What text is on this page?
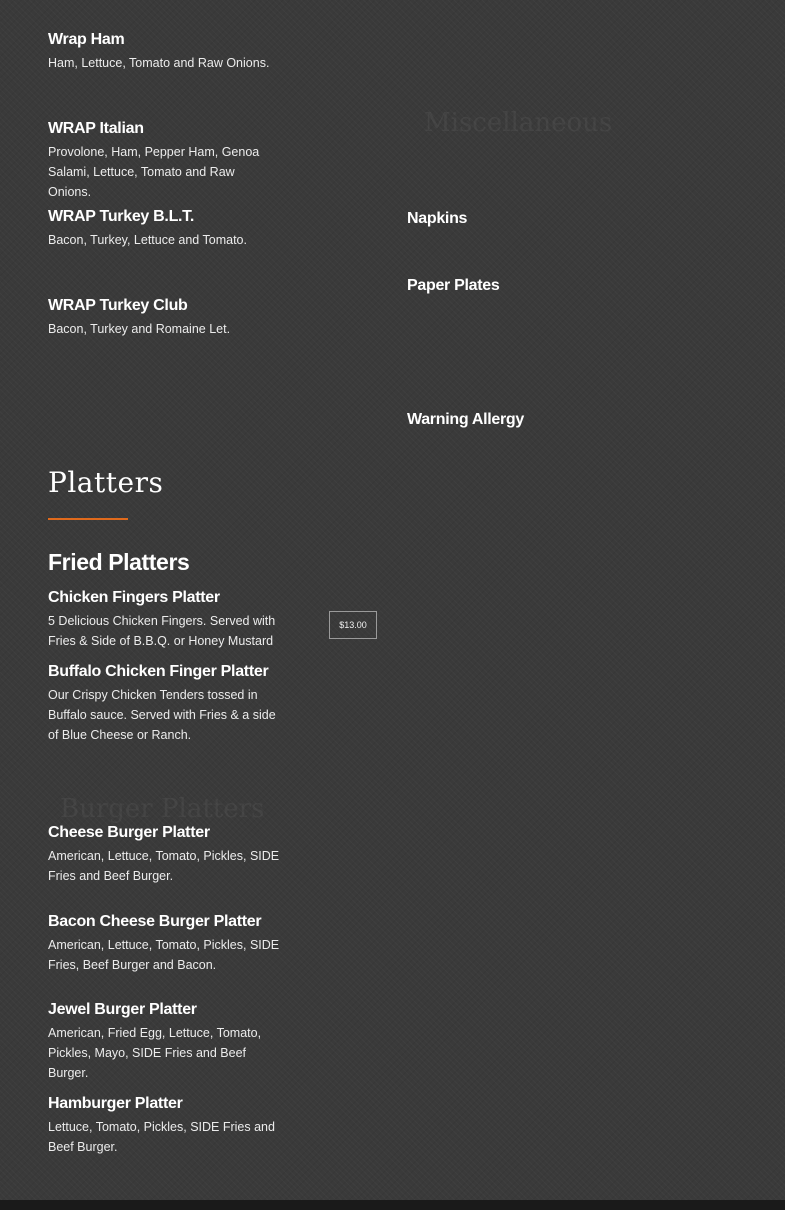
Wrap Ham

Ham, Lettuce, Tomato and Raw Onions.

WRAP Italian

Provolone, Ham, Pepper Ham, Genoa Salami, Lettuce, Tomato and Raw Onions.

WRAP Turkey B.L.T.

Bacon, Turkey, Lettuce and Tomato.

WRAP Turkey Club

Bacon, Turkey and Romaine Let.

Miscellaneous

Napkins

Paper Plates

Warning Allergy

Platters
Fried Platters

Chicken Fingers Platter

5 Delicious Chicken Fingers. Served with Fries & Side of B.B.Q. or Honey Mustard

$13.00

Buffalo Chicken Finger Platter

Our Crispy Chicken Tenders tossed in Buffalo sauce. Served with Fries & a side of Blue Cheese or Ranch.

Burger Platters

Cheese Burger Platter

American, Lettuce, Tomato, Pickles, SIDE Fries and Beef Burger.

Bacon Cheese Burger Platter

American, Lettuce, Tomato, Pickles, SIDE Fries, Beef Burger and Bacon.

Jewel Burger Platter

American, Fried Egg, Lettuce, Tomato, Pickles, Mayo, SIDE Fries and Beef Burger.

Hamburger Platter

Lettuce, Tomato, Pickles, SIDE Fries and Beef Burger.
